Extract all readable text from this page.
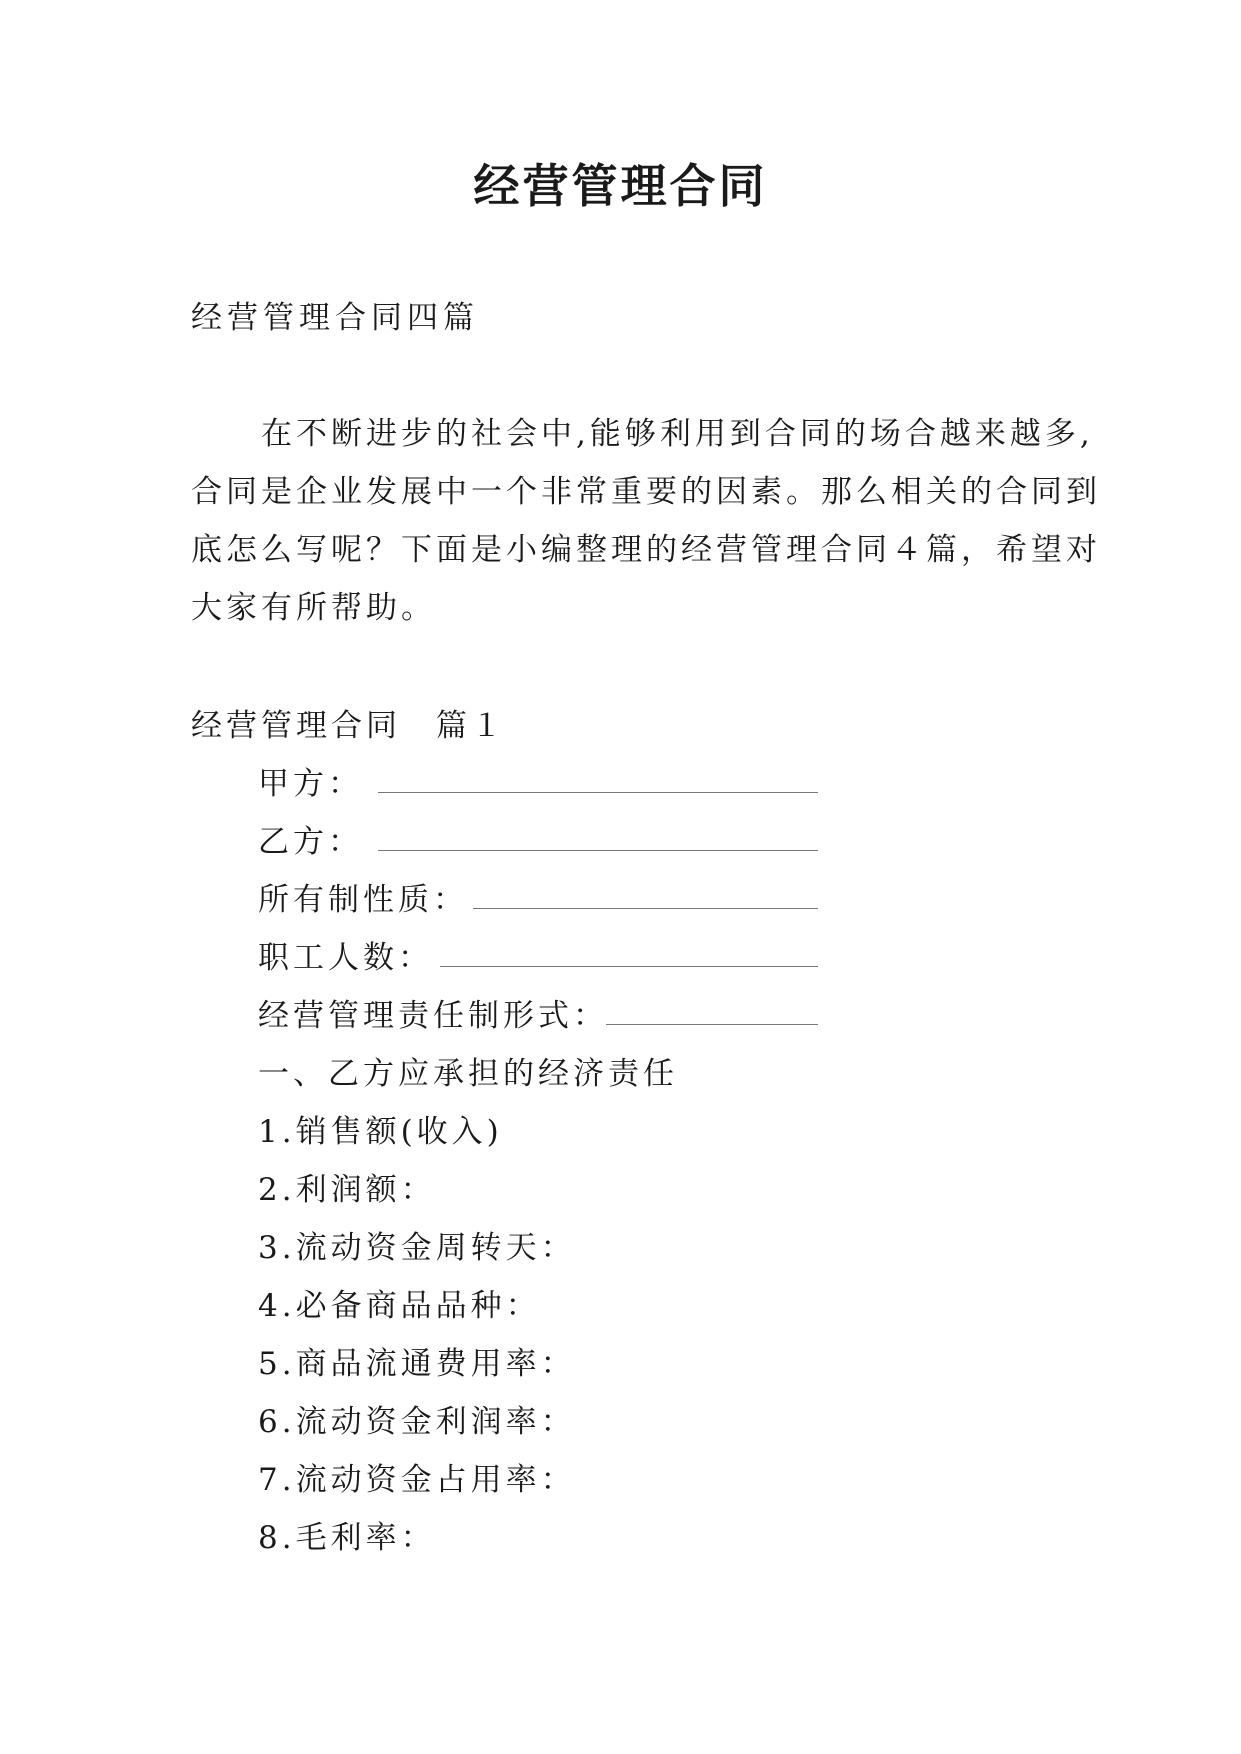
经营管理合同
经营管理合同四篇
　　在不断进步的社会中,能够利用到合同的场合越来越多,
合同是企业发展中一个非常重要的因素。那么相关的合同到
底怎么写呢？下面是小编整理的经营管理合同４篇，希望对
大家有所帮助。
经营管理合同　篇１
甲方：
乙方：
所有制性质：
职工人数：
经营管理责任制形式：
一、乙方应承担的经济责任
1.销售额(收入)
2.利润额：
3.流动资金周转天：
4.必备商品品种：
5.商品流通费用率：
6.流动资金利润率：
7.流动资金占用率：
8.毛利率：
